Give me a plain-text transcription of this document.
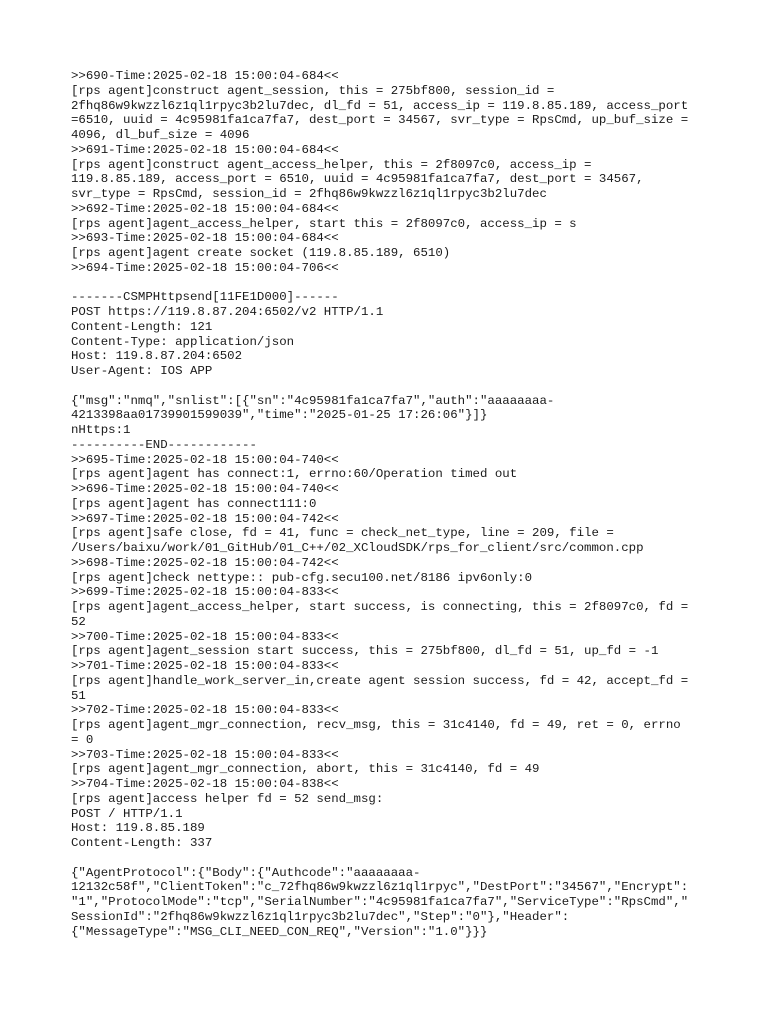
>>690-Time:2025-02-18 15:00:04-684<<
[rps agent]construct agent_session, this = 275bf800, session_id =
2fhq86w9kwzzl6z1ql1rpyc3b2lu7dec, dl_fd = 51, access_ip = 119.8.85.189, access_port
=6510, uuid = 4c95981fa1ca7fa7, dest_port = 34567, svr_type = RpsCmd, up_buf_size =
4096, dl_buf_size = 4096
>>691-Time:2025-02-18 15:00:04-684<<
[rps agent]construct agent_access_helper, this = 2f8097c0, access_ip =
119.8.85.189, access_port = 6510, uuid = 4c95981fa1ca7fa7, dest_port = 34567,
svr_type = RpsCmd, session_id = 2fhq86w9kwzzl6z1ql1rpyc3b2lu7dec
>>692-Time:2025-02-18 15:00:04-684<<
[rps agent]agent_access_helper, start this = 2f8097c0, access_ip = s
>>693-Time:2025-02-18 15:00:04-684<<
[rps agent]agent create socket (119.8.85.189, 6510)
>>694-Time:2025-02-18 15:00:04-706<<
-------CSMPHttpsend[11FE1D000]------
POST https://119.8.87.204:6502/v2 HTTP/1.1
Content-Length: 121
Content-Type: application/json
Host: 119.8.87.204:6502
User-Agent: IOS APP
{"msg":"nmq","snlist":[{"sn":"4c95981fa1ca7fa7","auth":"aaaaaaaa-
4213398aa01739901599039","time":"2025-01-25 17:26:06"}]}
nHttps:1
----------END------------
>>695-Time:2025-02-18 15:00:04-740<<
[rps agent]agent has connect:1, errno:60/Operation timed out
>>696-Time:2025-02-18 15:00:04-740<<
[rps agent]agent has connect111:0
>>697-Time:2025-02-18 15:00:04-742<<
[rps agent]safe close, fd = 41, func = check_net_type, line = 209, file =
/Users/baixu/work/01_GitHub/01_C++/02_XCloudSDK/rps_for_client/src/common.cpp
>>698-Time:2025-02-18 15:00:04-742<<
[rps agent]check nettype:: pub-cfg.secu100.net/8186 ipv6only:0
>>699-Time:2025-02-18 15:00:04-833<<
[rps agent]agent_access_helper, start success, is connecting, this = 2f8097c0, fd =
52
>>700-Time:2025-02-18 15:00:04-833<<
[rps agent]agent_session start success, this = 275bf800, dl_fd = 51, up_fd = -1
>>701-Time:2025-02-18 15:00:04-833<<
[rps agent]handle_work_server_in,create agent session success, fd = 42, accept_fd =
51
>>702-Time:2025-02-18 15:00:04-833<<
[rps agent]agent_mgr_connection, recv_msg, this = 31c4140, fd = 49, ret = 0, errno
= 0
>>703-Time:2025-02-18 15:00:04-833<<
[rps agent]agent_mgr_connection, abort, this = 31c4140, fd = 49
>>704-Time:2025-02-18 15:00:04-838<<
[rps agent]access helper fd = 52 send_msg:
POST / HTTP/1.1
Host: 119.8.85.189
Content-Length: 337
{"AgentProtocol":{"Body":{"Authcode":"aaaaaaaa-
12132c58f","ClientToken":"c_72fhq86w9kwzzl6z1ql1rpyc","DestPort":"34567","Encrypt":
"1","ProtocolMode":"tcp","SerialNumber":"4c95981fa1ca7fa7","ServiceType":"RpsCmd","
SessionId":"2fhq86w9kwzzl6z1ql1rpyc3b2lu7dec","Step":"0"},"Header":
{"MessageType":"MSG_CLI_NEED_CON_REQ","Version":"1.0"}}}
